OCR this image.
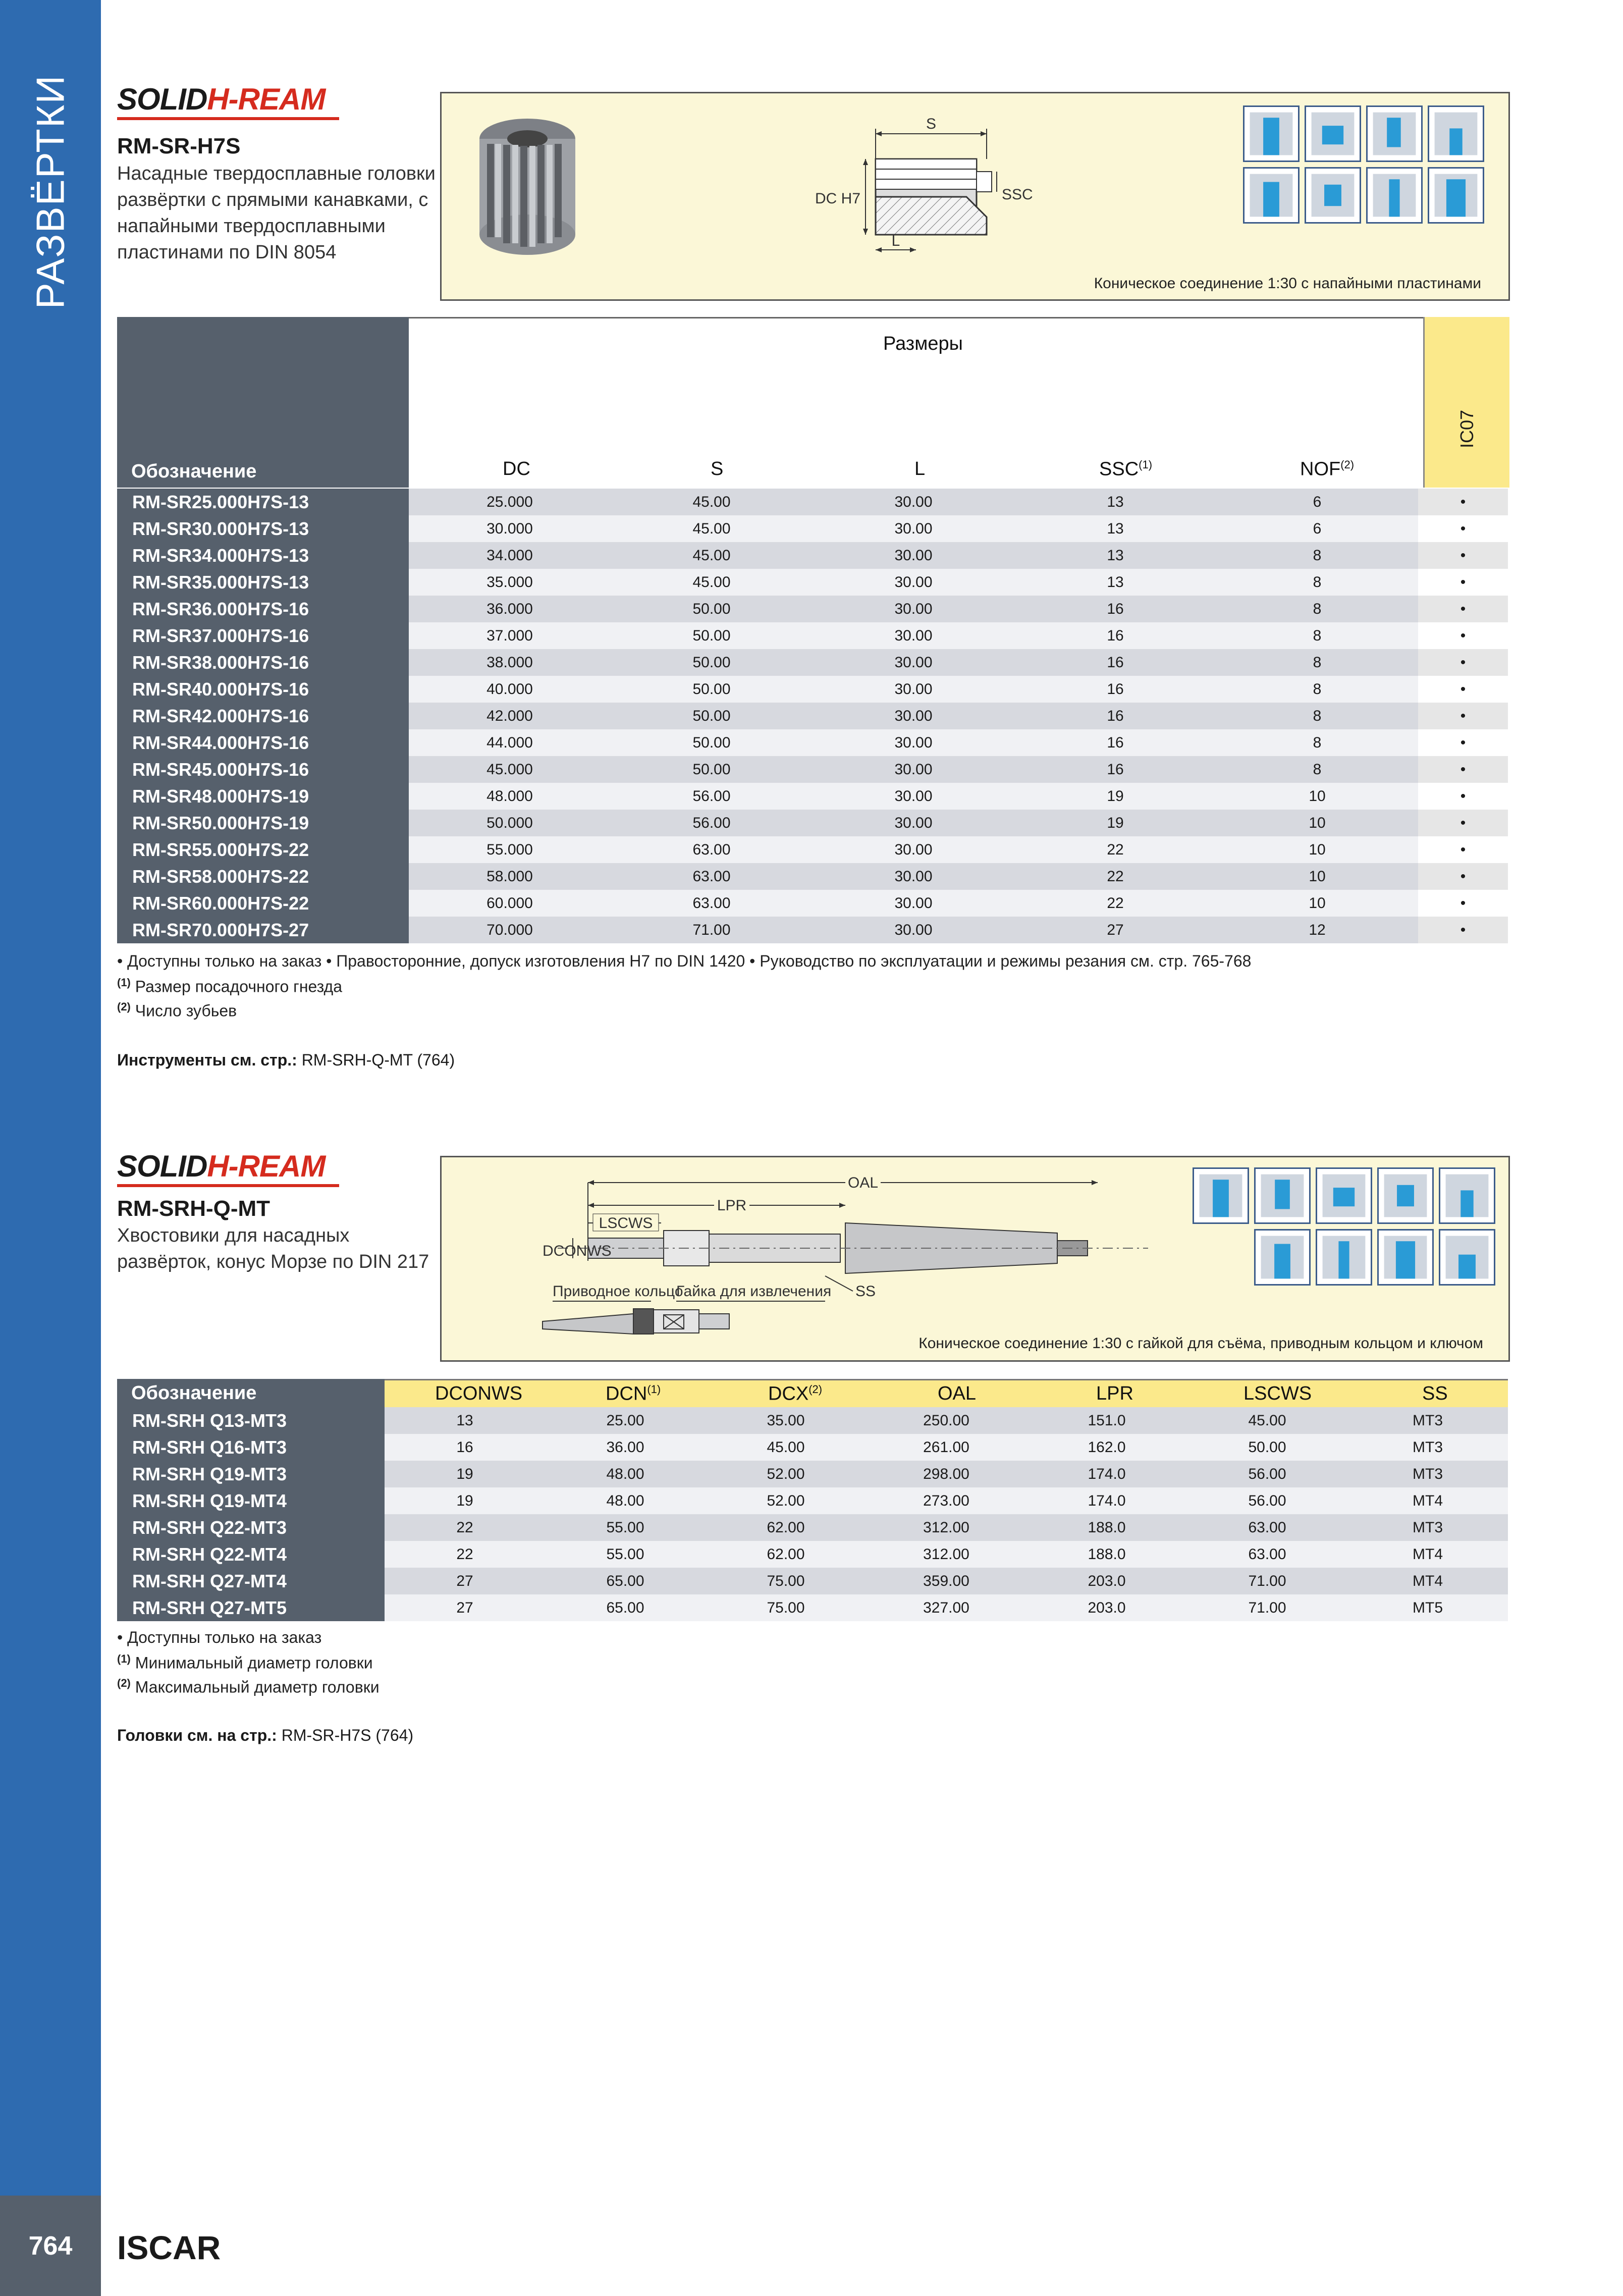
РАЗВЁРТКИ
764	ISCAR
SOLIDH-REAM
RM-SR-H7S
Насадные твердосплавные головки развёртки с прямыми канавками, с напайными твердосплавными пластинами по DIN 8054
S
DC H7	SSC
L
Коническое соединение 1:30 с напайными пластинами
Обозначение
Размеры
DC	S	L	SSC$^{(1)}$	NOF$^{(2)}$
IC07
RM-SR25.000H7S-13	25.000	45.00	30.00	13	6	•
RM-SR30.000H7S-13	30.000	45.00	30.00	13	6	•
RM-SR34.000H7S-13	34.000	45.00	30.00	13	8	•
RM-SR35.000H7S-13	35.000	45.00	30.00	13	8	•
RM-SR36.000H7S-16	36.000	50.00	30.00	16	8	•
RM-SR37.000H7S-16	37.000	50.00	30.00	16	8	•
RM-SR38.000H7S-16	38.000	50.00	30.00	16	8	•
RM-SR40.000H7S-16	40.000	50.00	30.00	16	8	•
RM-SR42.000H7S-16	42.000	50.00	30.00	16	8	•
RM-SR44.000H7S-16	44.000	50.00	30.00	16	8	•
RM-SR45.000H7S-16	45.000	50.00	30.00	16	8	•
RM-SR48.000H7S-19	48.000	56.00	30.00	19	10	•
RM-SR50.000H7S-19	50.000	56.00	30.00	19	10	•
RM-SR55.000H7S-22	55.000	63.00	30.00	22	10	•
RM-SR58.000H7S-22	58.000	63.00	30.00	22	10	•
RM-SR60.000H7S-22	60.000	63.00	30.00	22	10	•
RM-SR70.000H7S-27	70.000	71.00	30.00	27	12	•
• Доступны только на заказ • Правосторонние, допуск изготовления H7 по DIN 1420 • Руководство по эксплуатации и режимы резания см. стр. 765-768
$^{(1)}$ Размер посадочного гнезда
$^{(2)}$ Число зубьев
Инструменты см. стр.: RM-SRH-Q-MT (764)
SOLIDH-REAM
RM-SRH-Q-MT
Хвостовики для насадных развёрток, конус Морзе по DIN 217
OAL
LPR
LSCWS
DCONWS
SS
Приводное кольцо
Гайка для извлечения
Коническое соединение 1:30 с гайкой для съёма, приводным кольцом и ключом
Обозначение	DCONWS	DCN$^{(1)}$	DCX$^{(2)}$	OAL	LPR	LSCWS	SS
RM-SRH Q13-MT3	13	25.00	35.00	250.00	151.0	45.00	MT3
RM-SRH Q16-MT3	16	36.00	45.00	261.00	162.0	50.00	MT3
RM-SRH Q19-MT3	19	48.00	52.00	298.00	174.0	56.00	MT3
RM-SRH Q19-MT4	19	48.00	52.00	273.00	174.0	56.00	MT4
RM-SRH Q22-MT3	22	55.00	62.00	312.00	188.0	63.00	MT3
RM-SRH Q22-MT4	22	55.00	62.00	312.00	188.0	63.00	MT4
RM-SRH Q27-MT4	27	65.00	75.00	359.00	203.0	71.00	MT4
RM-SRH Q27-MT5	27	65.00	75.00	327.00	203.0	71.00	MT5
• Доступны только на заказ
$^{(1)}$ Минимальный диаметр головки
$^{(2)}$ Максимальный диаметр головки
Головки см. на стр.: RM-SR-H7S (764)
